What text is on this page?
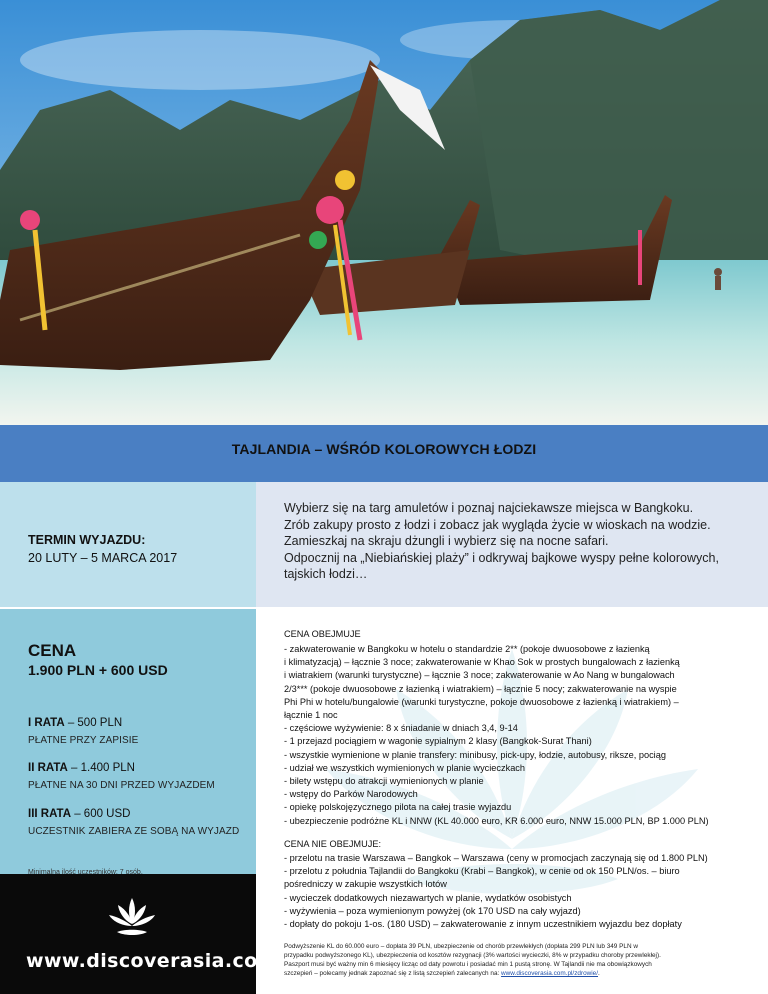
TAJLANDIA – WŚRÓD KOLOROWYCH ŁODZI
TERMIN WYJAZDU:
20 LUTY – 5 MARCA 2017
CENA
1.900 PLN + 600 USD
I RATA – 500 PLN
PŁATNE PRZY ZAPISIE
II RATA – 1.400 PLN
PŁATNE NA 30 DNI PRZED WYJAZDEM
III RATA – 600 USD
UCZESTNIK ZABIERA ZE SOBĄ NA WYJAZD
Minimalna ilość uczestników: 7 osób.
www.discoverasia.com.pl

Wybierz się na targ amuletów i poznaj najciekawsze miejsca w Bangkoku.

Zrób zakupy prosto z łodzi i zobacz jak wygląda życie w wioskach na wodzie.

Zamieszkaj na skraju dżungli i wybierz się na nocne safari.

Odpocznij na „Niebiańskiej plaży” i odkrywaj bajkowe wyspy pełne kolorowych,

tajskich łodzi…

CENA OBEJMUJE
- zakwaterowanie w Bangkoku w hotelu o standardzie 2** (pokoje dwuosobowe z łazienką
i klimatyzacją) – łącznie 3 noce; zakwaterowanie w Khao Sok w prostych bungalowach z łazienką
i wiatrakiem (warunki turystyczne) – łącznie 3 noce; zakwaterowanie w Ao Nang w bungalowach
2/3*** (pokoje dwuosobowe z łazienką i wiatrakiem) – łącznie 5 nocy; zakwaterowanie na wyspie
Phi Phi w hotelu/bungalowie (warunki turystyczne, pokoje dwuosobowe z łazienką i wiatrakiem) –
łącznie 1 noc
- częściowe wyżywienie: 8 x śniadanie w dniach 3,4, 9-14
- 1 przejazd pociągiem w wagonie sypialnym 2 klasy (Bangkok-Surat Thani)
- wszystkie wymienione w planie transfery: minibusy, pick-upy, łodzie, autobusy, riksze, pociąg
- udział we wszystkich wymienionych w planie wycieczkach
- bilety wstępu do atrakcji wymienionych w planie
- wstępy do Parków Narodowych
- opiekę polskojęzycznego pilota na całej trasie wyjazdu
- ubezpieczenie podróżne KL i NNW (KL 40.000 euro, KR 6.000 euro, NNW 15.000 PLN, BP 1.000 PLN)
CENA NIE OBEJMUJE:
- przelotu na trasie Warszawa – Bangkok – Warszawa (ceny w promocjach zaczynają się od 1.800 PLN)
- przelotu z południa Tajlandii do Bangkoku (Krabi – Bangkok), w cenie od ok 150 PLN/os. – biuro
pośredniczy w zakupie wszystkich lotów
- wycieczek dodatkowych niezawartych w planie, wydatków osobistych
- wyżywienia – poza wymienionym powyżej (ok 170 USD na cały wyjazd)
- dopłaty do pokoju 1-os. (180 USD) – zakwaterowanie z innym uczestnikiem wyjazdu bez dopłaty
Podwyższenie KL do 60.000 euro – dopłata 39 PLN, ubezpieczenie od chorób przewlekłych (dopłata 299 PLN lub 349 PLN w
przypadku podwyższonego KL), ubezpieczenia od kosztów rezygnacji (3% wartości wycieczki, 8% w przypadku choroby przewlekłej).
Paszport musi być ważny min 6 miesięcy licząc od daty powrotu i posiadać min 1 pustą stronę. W Tajlandii nie ma obowiązkowych
szczepień – polecamy jednak zapoznać się z listą szczepień zalecanych na: www.discoverasia.com.pl/zdrowie/.
